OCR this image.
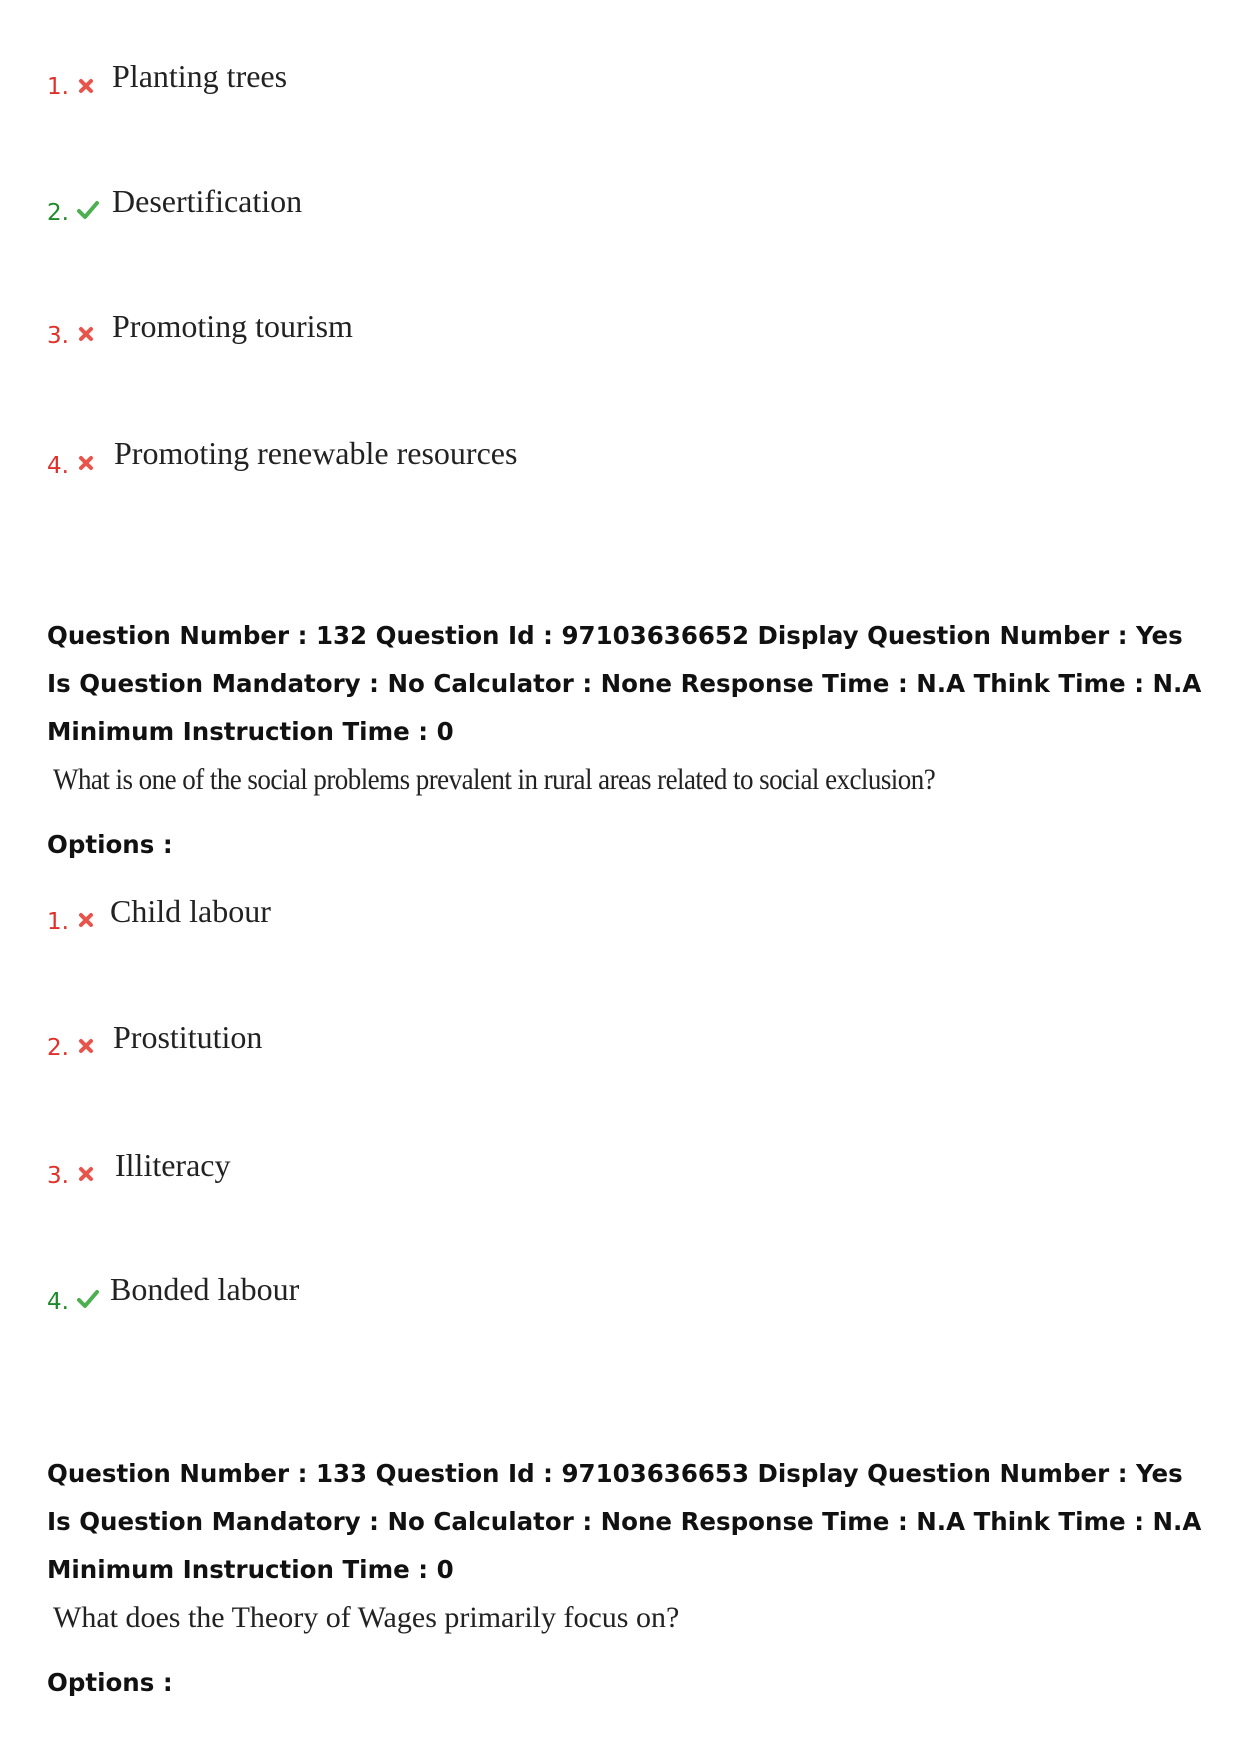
1. Planting trees
2. Desertification
3. Promoting tourism
4. Promoting renewable resources

Question Number : 132 Question Id : 97103636652 Display Question Number : Yes Is Question Mandatory : No Calculator : None Response Time : N.A Think Time : N.A Minimum Instruction Time : 0

What is one of the social problems prevalent in rural areas related to social exclusion?
Options :
1. Child labour
2. Prostitution
3. Illiteracy
4. Bonded labour

Question Number : 133 Question Id : 97103636653 Display Question Number : Yes Is Question Mandatory : No Calculator : None Response Time : N.A Think Time : N.A Minimum Instruction Time : 0

What does the Theory of Wages primarily focus on?
Options :
